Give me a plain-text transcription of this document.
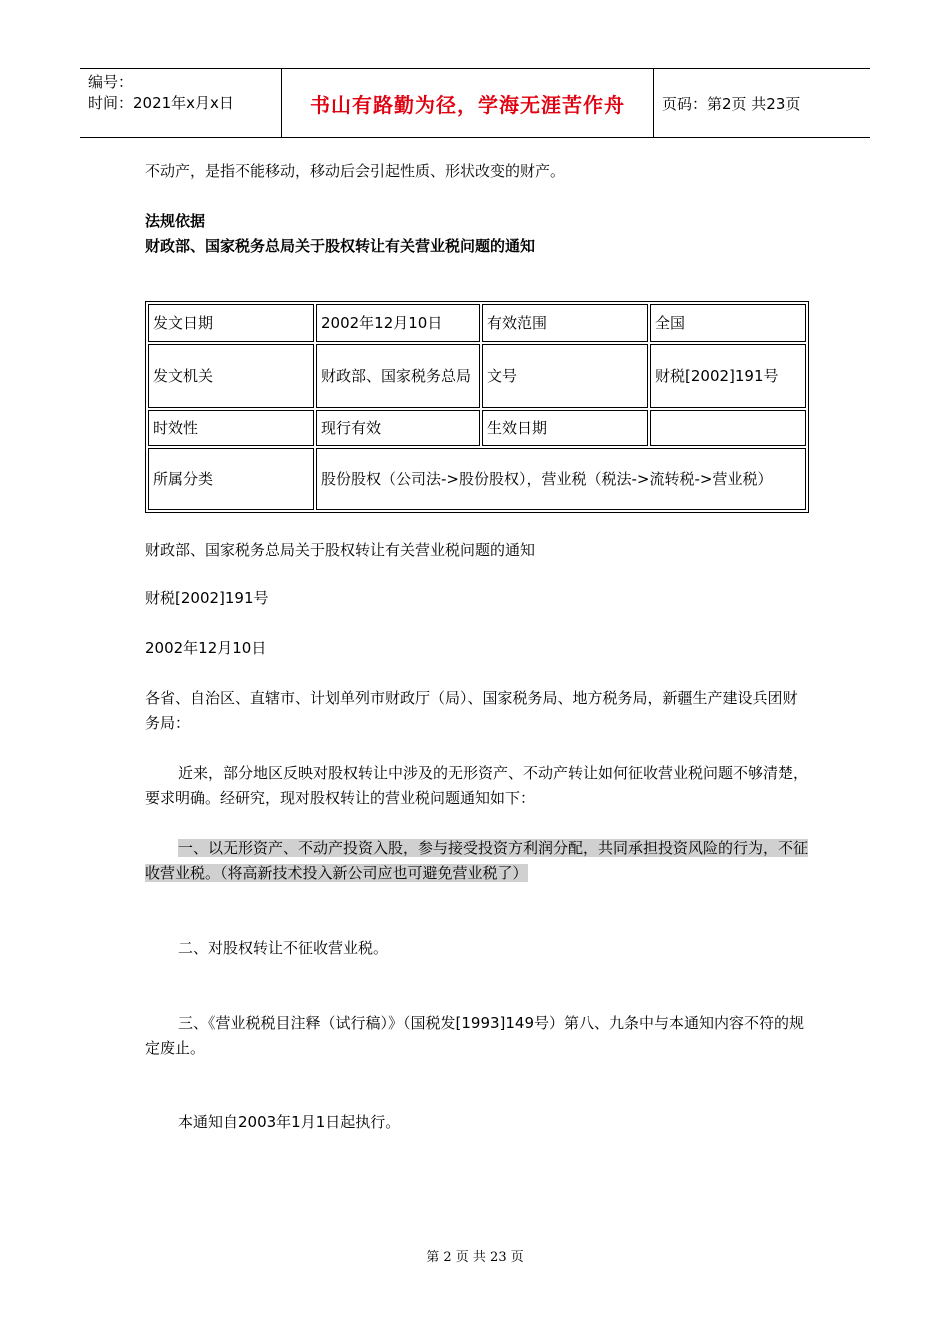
编号：
时间：2021年x月x日	书山有路勤为径，学海无涯苦作舟 页码：第2页 共23页

不动产，是指不能移动，移动后会引起性质、形状改变的财产。

法规依据

财政部、国家税务总局关于股权转让有关营业税问题的通知

发文日期	2002年12月10日	有效范围	全国
发文机关	财政部、国家税务总局	文号	财税[2002]191号
时效性	现行有效	生效日期	
所属分类	股份股权（公司法->股份股权），营业税（税法->流转税->营业税）		

财政部、国家税务总局关于股权转让有关营业税问题的通知

财税[2002]191号

2002年12月10日

各省、自治区、直辖市、计划单列市财政厅（局）、国家税务局、地方税务局，新疆生产建设兵团财务局：

近来，部分地区反映对股权转让中涉及的无形资产、不动产转让如何征收营业税问题不够清楚，要求明确。经研究，现对股权转让的营业税问题通知如下：

一、以无形资产、不动产投资入股，参与接受投资方利润分配，共同承担投资风险的行为，不征收营业税。（将高新技术投入新公司应也可避免营业税了）

二、对股权转让不征收营业税。

三、《营业税税目注释（试行稿）》（国税发[1993]149号）第八、九条中与本通知内容不符的规定废止。

本通知自2003年1月1日起执行。

第 2 页 共 23 页
